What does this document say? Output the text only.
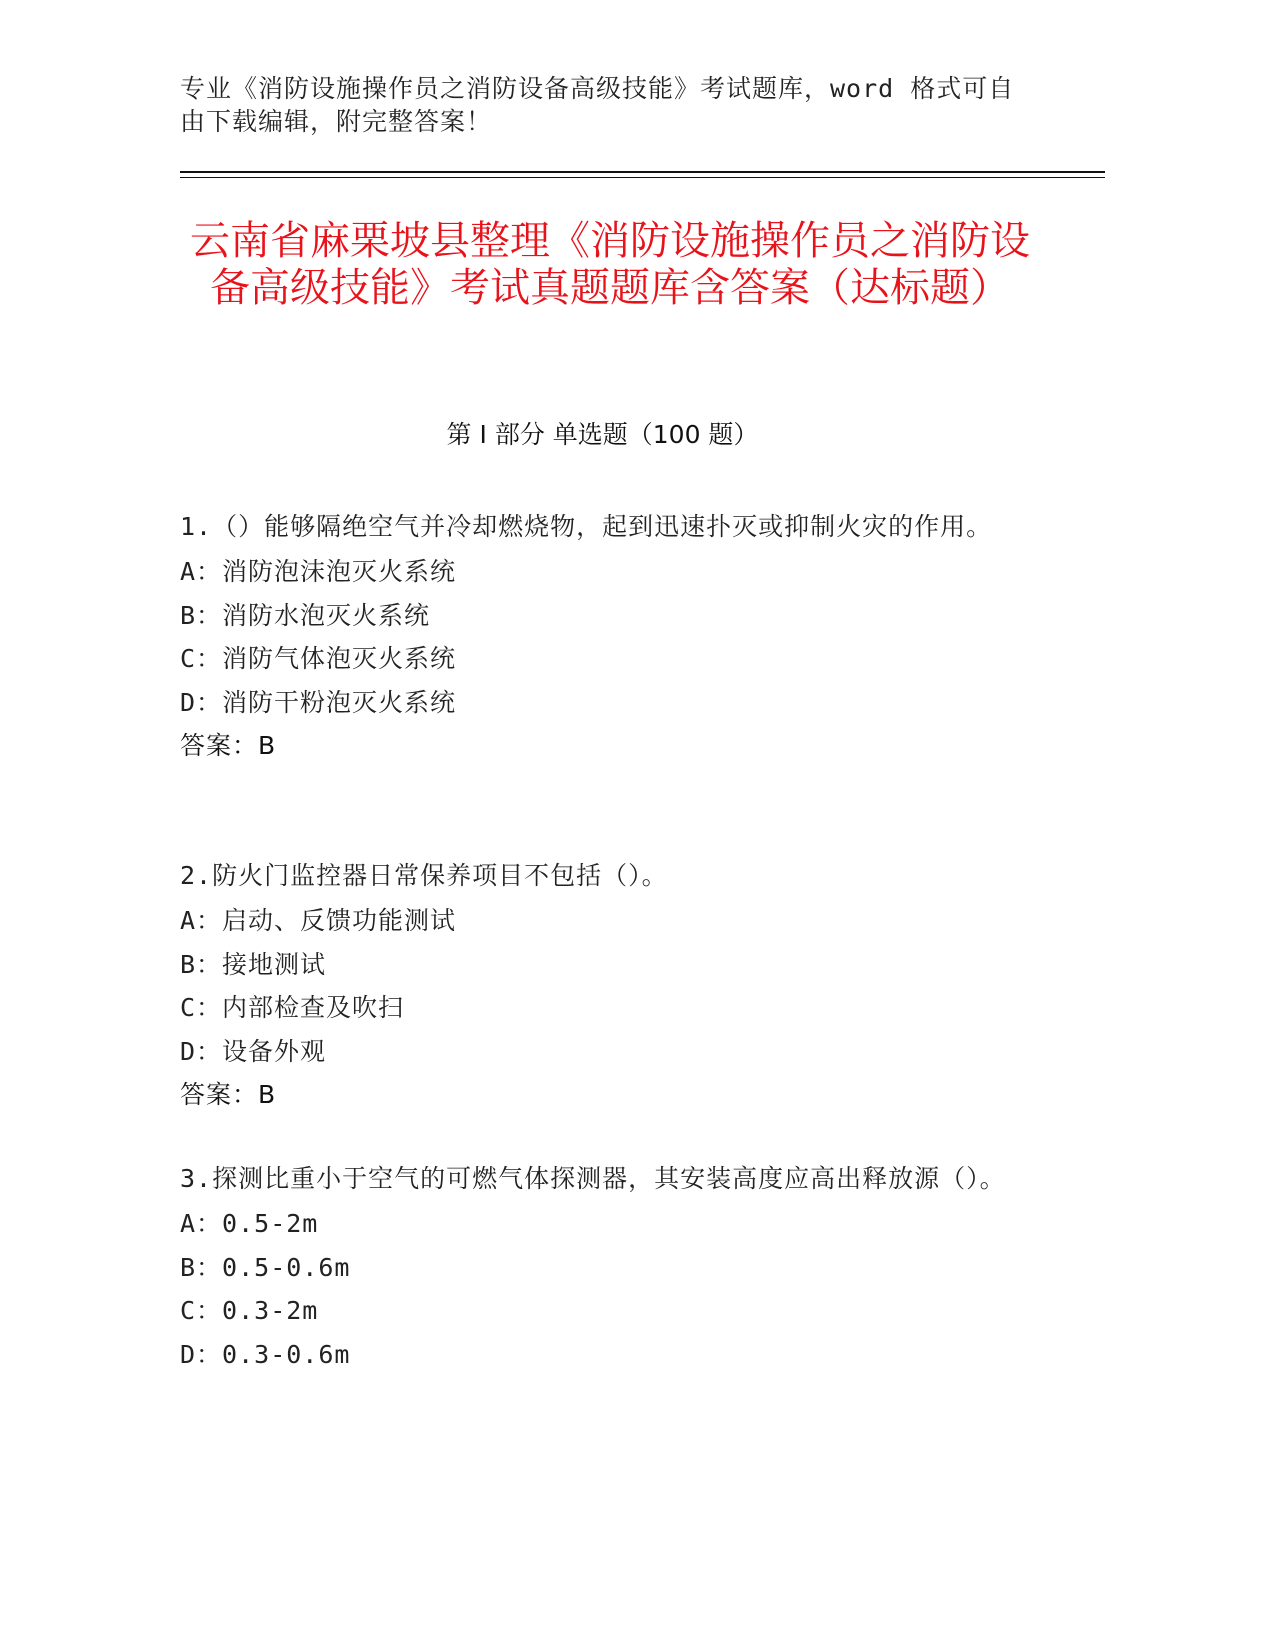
专业《消防设施操作员之消防设备高级技能》考试题库，word 格式可自由下载编辑，附完整答案！
云南省麻栗坡县整理《消防设施操作员之消防设备高级技能》考试真题题库含答案（达标题）
第 I 部分 单选题（100 题）

1.（）能够隔绝空气并冷却燃烧物，起到迅速扑灭或抑制火灾的作用。

A：消防泡沫泡灭火系统

B：消防水泡灭火系统

C：消防气体泡灭火系统

D：消防干粉泡灭火系统

答案：B

2.防火门监控器日常保养项目不包括（）。

A：启动、反馈功能测试

B：接地测试

C：内部检查及吹扫

D：设备外观

答案：B

3.探测比重小于空气的可燃气体探测器，其安装高度应高出释放源（）。

A：0.5-2m

B：0.5-0.6m

C：0.3-2m

D：0.3-0.6m
